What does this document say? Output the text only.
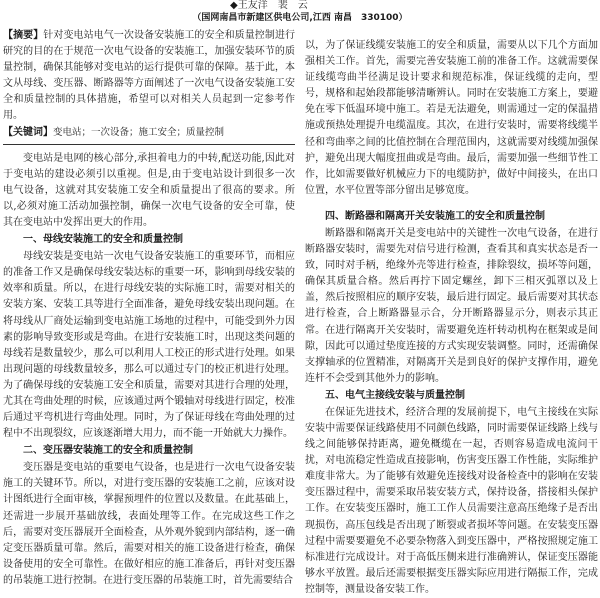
◆王友洋　裴　云
（国网南昌市新建区供电公司,江西 南昌　330100）

【摘要】针对变电站电气一次设备安装施工的安全和质量控制进行研究的目的在于规范一次电气设备的安装施工，加强安装环节的质量控制，确保其能够对变电站的运行提供可靠的保障。基于此，本文从母线、变压器、断路器等方面阐述了一次电气设备安装施工安全和质量控制的具体措施，希望可以对相关人员起到一定参考作用。

【关键词】变电站；一次设备；施工安全；质量控制

变电站是电网的核心部分,承担着电力的中转,配送功能,因此对于变电站的建设必须引以重视。但是,由于变电站设计到很多一次电气设备，这就对其安装施工安全和质量提出了很高的要求。所以,必须对施工活动加强控制，确保一次电气设备的安全可靠，使其在变电站中发挥出更大的作用。

一、母线安装施工的安全和质量控制

母线安装是变电站一次电气设备安装施工的重要环节，而相应的准备工作又是确保母线安装达标的重要一环，影响到母线安装的效率和质量。所以，在进行母线安装的实际施工时，需要对相关的安装方案、安装工具等进行全面准备，避免母线安装出现问题。在将母线从厂商处运输到变电站施工场地的过程中，可能受到外力因素的影响导致变形或是弯曲。在进行安装施工时，出现这类问题的母线若是数量较少，那么可以利用人工校正的形式进行处理。如果出现问题的母线数量较多，那么可以通过专门的校正机进行处理。为了确保母线的安装施工安全和质量，需要对其进行合理的处理，尤其在弯曲处理的时候，应该通过两个锻轴对母线进行固定，校准后通过平弯机进行弯曲处理。同时，为了保证母线在弯曲处理的过程中不出现裂纹，应该逐渐增大用力，而不能一开始就大力操作。

二、变压器安装施工的安全和质量控制

变压器是变电站的重要电气设备，也是进行一次电气设备安装施工的关键环节。所以，对进行变压器的安装施工之前，应该对设计图纸进行全面审核，掌握预埋件的位置以及数量。在此基础上，还需进一步展开基础放线，表面处理等工作。在完成这些工作之后，需要对变压器展开全面检查，从外观外貌到内部结构，逐一确定变压器质量可靠。然后，需要对相关的施工设备进行检查，确保设备使用的安全可靠性。在做好相应的施工准备后，再针对变压器的吊装施工进行控制。在进行变压器的吊装施工时，首先需要结合

以，为了保证线缆安装施工的安全和质量，需要从以下几个方面加强相关工作。首先，需要完善安装施工前的准备工作。这就需要保证线缆弯曲半径满足设计要求和规范标准，保证线缆的走向，型号，规格和起始段都能够清晰辨认。同时在安装施工方案上，要避免在零下低温环境中施工。若是无法避免，则需通过一定的保温措施或预热处理提升电缆温度。其次，在进行安装时，需要将线缆半径和弯曲率之间的比值控制在合理范围内，这就需要对线缆加强保护，避免出现大幅度扭曲或是弯曲。最后，需要加强一些细节性工作，比如需要做好机械应力下的电缆防护，做好中间接头，在出口位置，水平位置等部分留出足够宽度。

四、断路器和隔离开关安装施工的安全和质量控制

断路器和隔离开关是变电站中的关键性一次电气设备，在进行断路器安装时，需要先对信号进行检测，查看其和真实状态是否一致，同时对手柄，绝缘外壳等进行检查，排除裂纹，损坏等问题，确保其质量合格。然后再拧下固定螺丝，卸下三相灭弧罩以及上盖，然后按照相应的顺序安装，最后进行固定。最后需要对其状态进行检查，合上断路器显示合，分开断路器显示分，则表示其正常。在进行隔离开关安装时，需要避免连杆转动机构在框架或是间隙，因此可以通过垫度连接的方式实现安装调整。同时，还需确保支撑轴承的位置精准，对隔离开关是到良好的保护支撑作用，避免连杆不会受到其他外力的影响。

五、电气主接线安装与质量控制

在保证先进技术，经济合理的发展前提下，电气主接线在实际安装中需要保证线路使用不同颜色线路，同时需要保证线路上线与线之间能够保持距离，避免概缆在一起，否则容易造成电流问干扰，对电流稳定性造成直接影响，伤害变压器工作性能，实际维护难度非常大。为了能够有效避免连接线对设备检查中的影响在安装变压器过程中，需要采取吊装安装方式，保持设备，搭接相头保护工作。在安装变压器时，施工工作人员需要注意高压绝缘子是否出现损伤，高压包线是否出现了断裂或者损坏等问题。在安装变压器过程中需要要避免不必要杂物落入到变压器中，严格按照规定施工标准进行完成设计。对于高低压侧来进行准确辨认，保证变压器能够水平放置。最后还需要根据变压器实际应用进行隔振工作，完成控制等，测量设备安装工作。
